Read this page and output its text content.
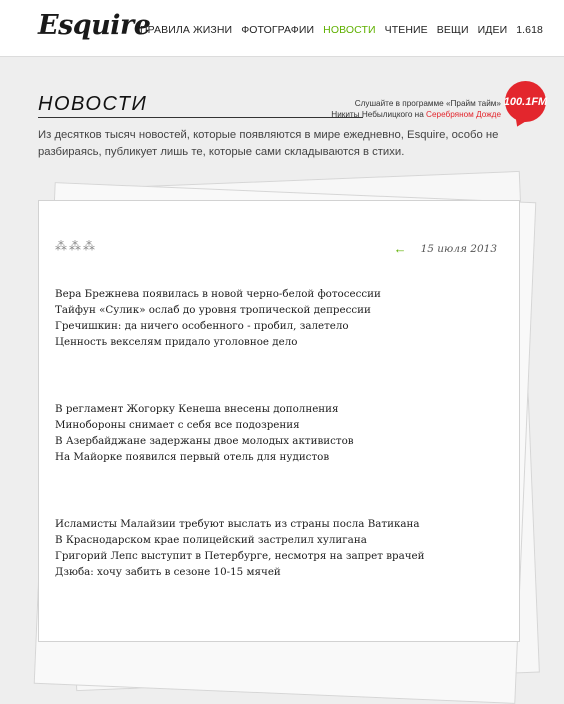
Esquire
ПРАВИЛА ЖИЗНИ ФОТОГРАФИИ НОВОСТИ ЧТЕНИЕ ВЕЩИ ИДЕИ 1.618
НОВОСТИ	Слушайте в программе «Прайм тайм»
Никиты Небылицкого на Серебряном Дожде
100.1FM
Из десятков тысяч новостей, которые появляются в мире ежедневно, Esquire, особо не разбираясь, публикует лишь те, которые сами складываются в стихи.
⁂⁂⁂	← 15 июля 2013
Вера Брежнева появилась в новой черно-белой фотосессии
Тайфун «Сулик» ослаб до уровня тропической депрессии
Гречишкин: да ничего особенного - пробил, залетело
Ценность векселям придало уголовное дело
В регламент Жогорку Кенеша внесены дополнения
Минобороны снимает с себя все подозрения
В Азербайджане задержаны двое молодых активистов
На Майорке появился первый отель для нудистов
Исламисты Малайзии требуют выслать из страны посла Ватикана
В Краснодарском крае полицейский застрелил хулигана
Григорий Лепс выступит в Петербурге, несмотря на запрет врачей
Дзюба: хочу забить в сезоне 10-15 мячей
